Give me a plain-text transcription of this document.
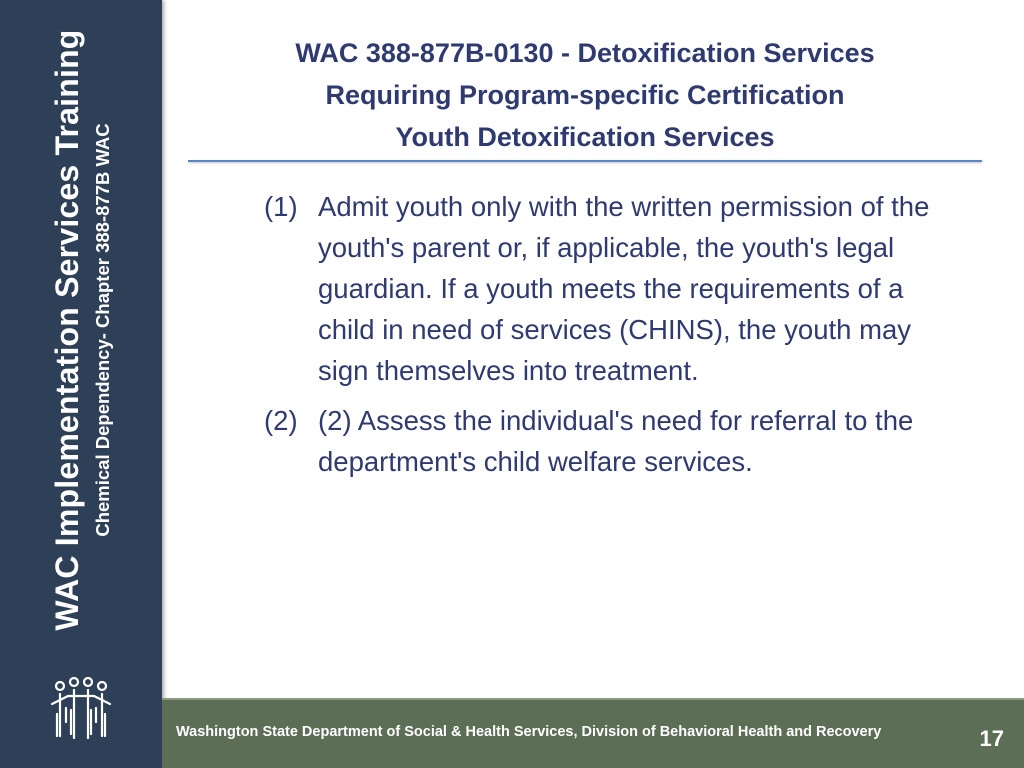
WAC Implementation Services Training Chemical Dependency- Chapter 388-877B WAC
WAC 388-877B-0130 - Detoxification Services
Requiring Program-specific Certification
Youth Detoxification Services
(1) Admit youth only with the written permission of the youth's parent or, if applicable, the youth's legal guardian. If a youth meets the requirements of a child in need of services (CHINS), the youth may sign themselves into treatment.
(2) (2) Assess the individual's need for referral to the department's child welfare services.
Washington State Department of Social & Health Services, Division of Behavioral Health and Recovery	17
